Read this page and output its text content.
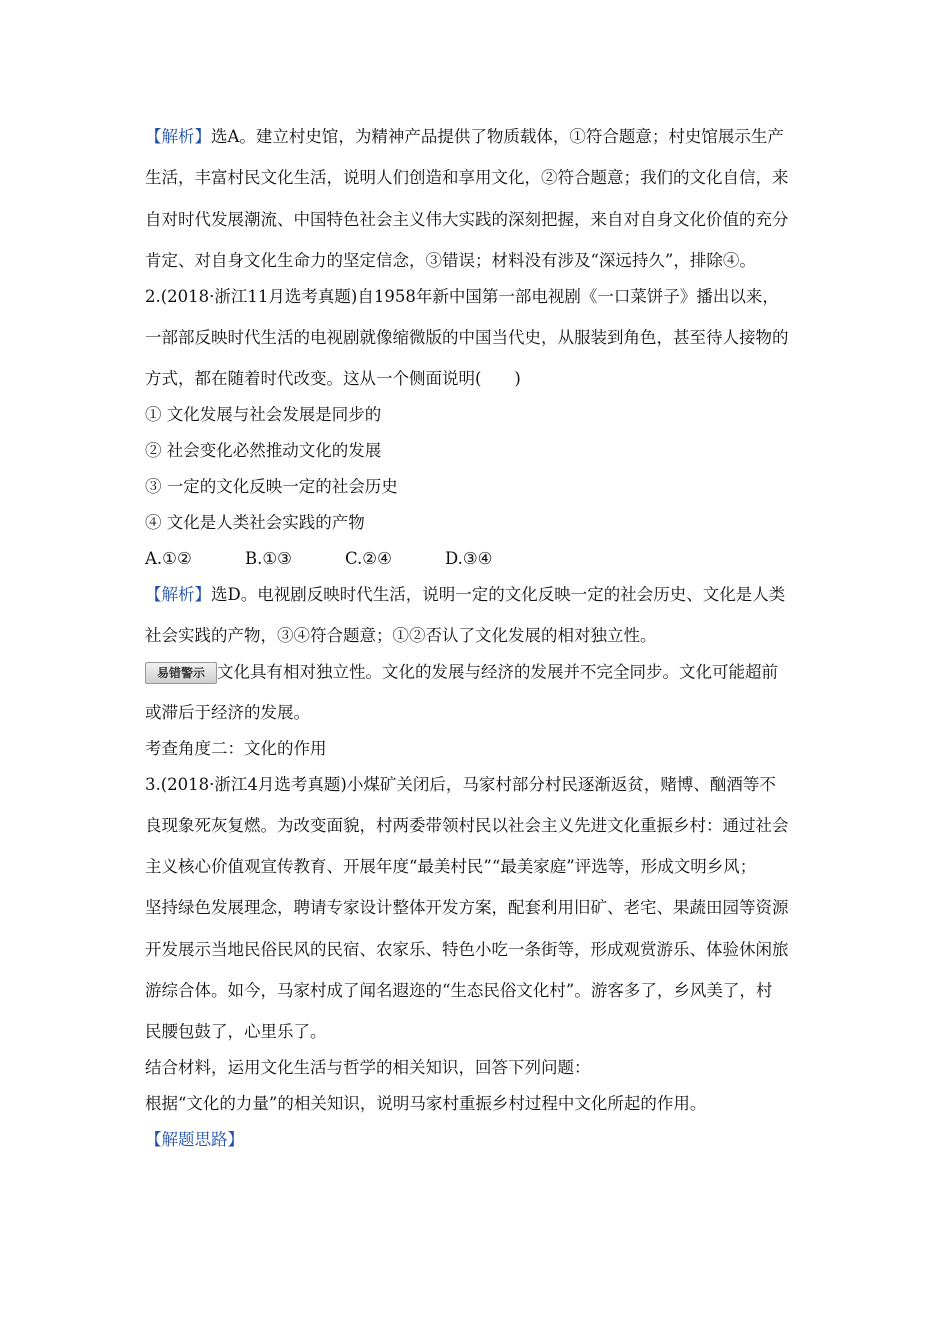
【解析】选A。建立村史馆，为精神产品提供了物质载体，①符合题意；村史馆展示生产
生活，丰富村民文化生活，说明人们创造和享用文化，②符合题意；我们的文化自信，来
自对时代发展潮流、中国特色社会主义伟大实践的深刻把握，来自对自身文化价值的充分
肯定、对自身文化生命力的坚定信念，③错误；材料没有涉及“深远持久”，排除④。
2.(2018·浙江11月选考真题)自1958年新中国第一部电视剧《一口菜饼子》播出以来，
一部部反映时代生活的电视剧就像缩微版的中国当代史，从服装到角色，甚至待人接物的
方式，都在随着时代改变。这从一个侧面说明(　　)
① 文化发展与社会发展是同步的
② 社会变化必然推动文化的发展
③ 一定的文化反映一定的社会历史
④ 文化是人类社会实践的产物
A.①②	B.①③	C.②④	D.③④
【解析】选D。电视剧反映时代生活，说明一定的文化反映一定的社会历史、文化是人类
社会实践的产物，③④符合题意；①②否认了文化发展的相对独立性。
易错警示 文化具有相对独立性。文化的发展与经济的发展并不完全同步。文化可能超前
或滞后于经济的发展。
考查角度二：文化的作用
3.(2018·浙江4月选考真题)小煤矿关闭后，马家村部分村民逐渐返贫，赌博、酗酒等不
良现象死灰复燃。为改变面貌，村两委带领村民以社会主义先进文化重振乡村：通过社会
主义核心价值观宣传教育、开展年度“最美村民”“最美家庭”评选等，形成文明乡风；
坚持绿色发展理念，聘请专家设计整体开发方案，配套利用旧矿、老宅、果蔬田园等资源
开发展示当地民俗民风的民宿、农家乐、特色小吃一条街等，形成观赏游乐、体验休闲旅
游综合体。如今，马家村成了闻名遐迩的“生态民俗文化村”。游客多了，乡风美了，村
民腰包鼓了，心里乐了。
结合材料，运用文化生活与哲学的相关知识，回答下列问题：
根据“文化的力量”的相关知识，说明马家村重振乡村过程中文化所起的作用。
【解题思路】
